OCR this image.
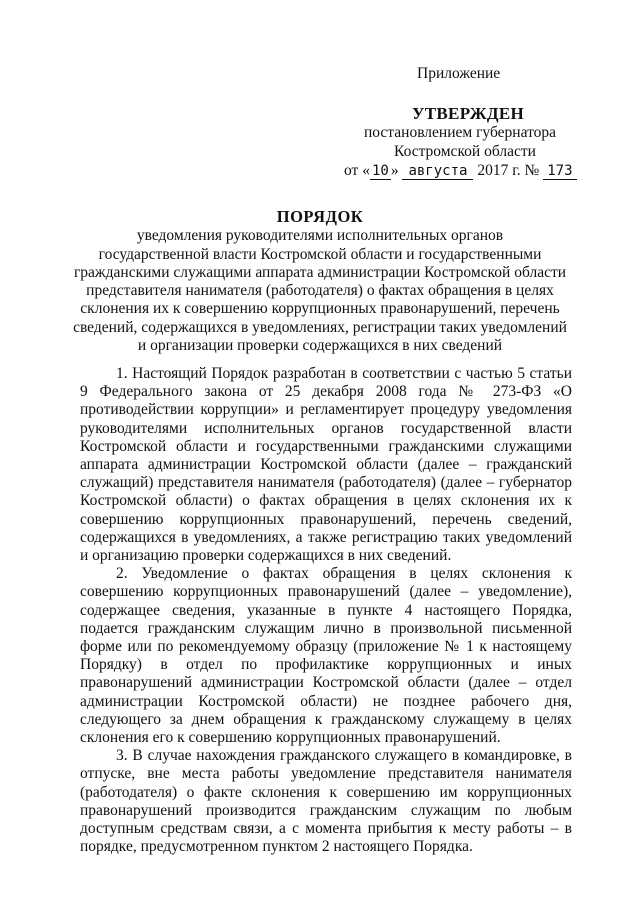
Приложение
УТВЕРЖДЕН
постановлением губернатора
Костромской области
от « 10 » августа 2017 г. № 173
ПОРЯДОК
уведомления руководителями исполнительных органов
государственной власти Костромской области и государственными
гражданскими служащими аппарата администрации Костромской области
представителя нанимателя (работодателя) о фактах обращения в целях
склонения их к совершению коррупционных правонарушений, перечень
сведений, содержащихся в уведомлениях, регистрации таких уведомлений
и организации проверки содержащихся в них сведений

1. Настоящий Порядок разработан в соответствии с частью 5 статьи 9 Федерального закона от 25 декабря 2008 года № 273-ФЗ «О противодействии коррупции» и регламентирует процедуру уведомления руководителями исполнительных органов государственной власти Костромской области и государственными гражданскими служащими аппарата администрации Костромской области (далее – гражданский служащий) представителя нанимателя (работодателя) (далее – губернатор Костромской области) о фактах обращения в целях склонения их к совершению коррупционных правонарушений, перечень сведений, содержащихся в уведомлениях, а также регистрацию таких уведомлений и организацию проверки содержащихся в них сведений.

2. Уведомление о фактах обращения в целях склонения к совершению коррупционных правонарушений (далее – уведомление), содержащее сведения, указанные в пункте 4 настоящего Порядка, подается гражданским служащим лично в произвольной письменной форме или по рекомендуемому образцу (приложение № 1 к настоящему Порядку) в отдел по профилактике коррупционных и иных правонарушений администрации Костромской области (далее – отдел администрации Костромской области) не позднее рабочего дня, следующего за днем обращения к гражданскому служащему в целях склонения его к совершению коррупционных правонарушений.

3. В случае нахождения гражданского служащего в командировке, в отпуске, вне места работы уведомление представителя нанимателя (работодателя) о факте склонения к совершению им коррупционных правонарушений производится гражданским служащим по любым доступным средствам связи, а с момента прибытия к месту работы – в порядке, предусмотренном пунктом 2 настоящего Порядка.
